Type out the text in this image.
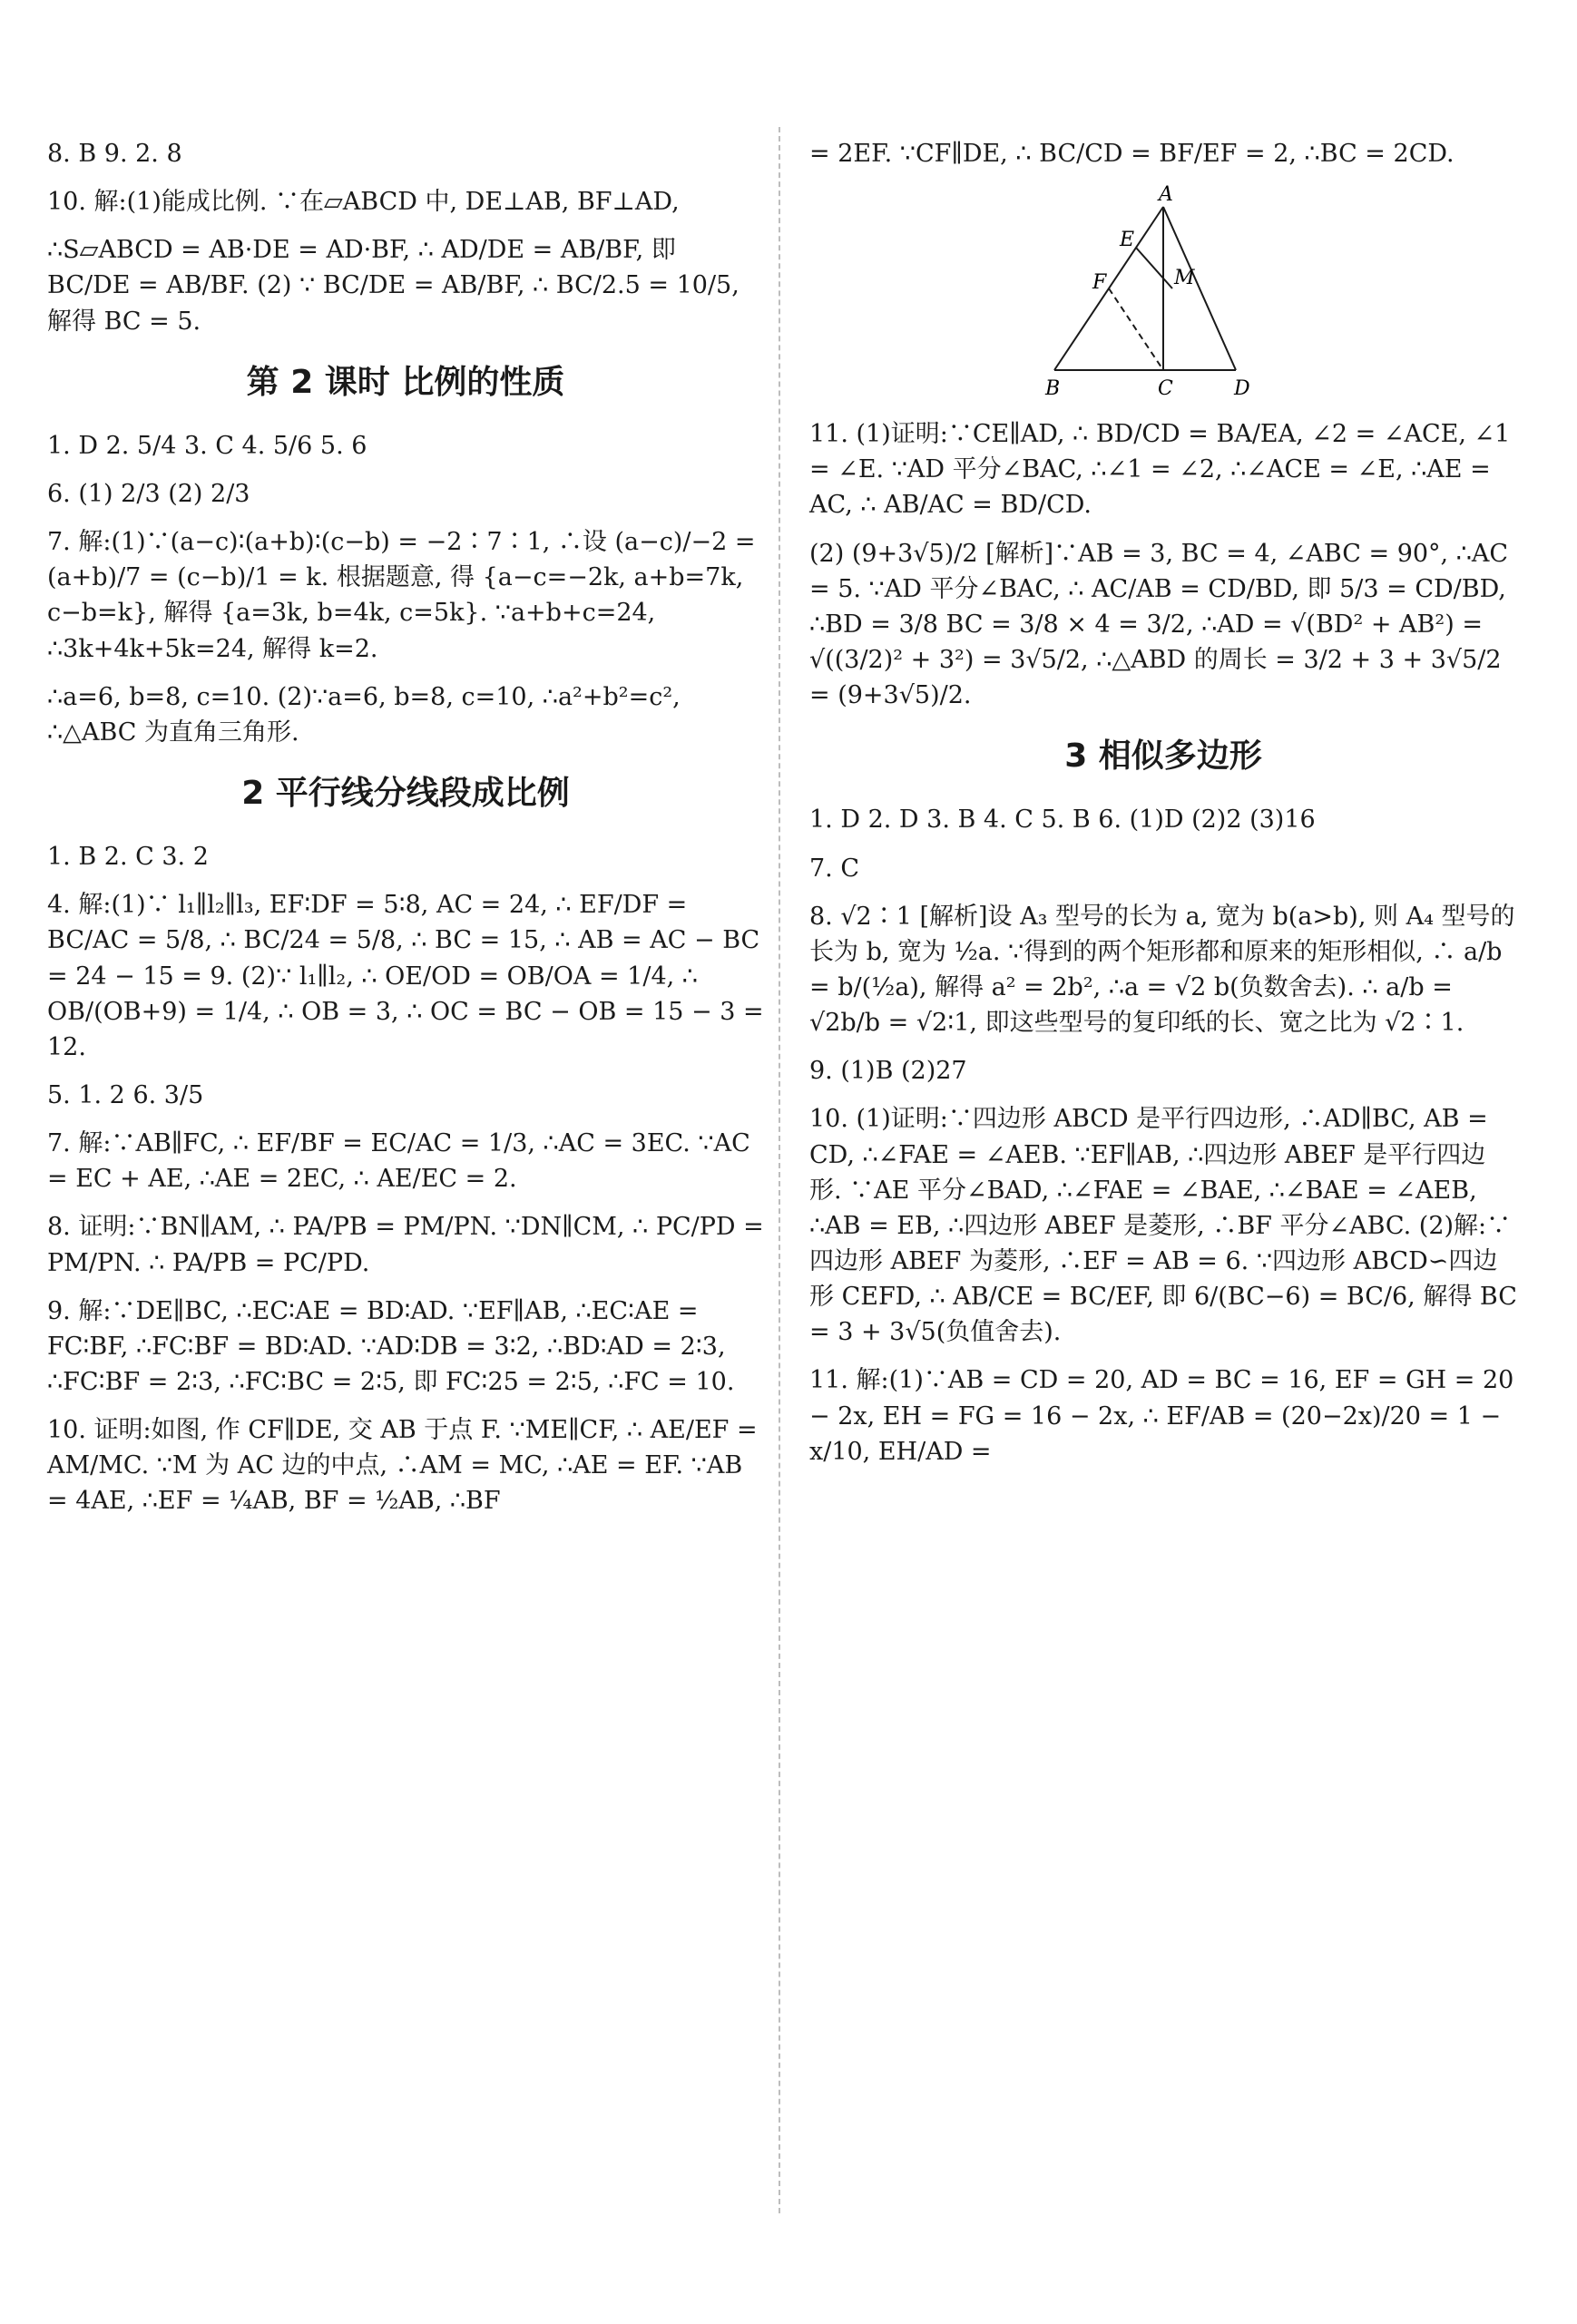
8. B 9. 2. 8

10. 解:(1)能成比例. ∵在▱ABCD 中, DE⊥AB, BF⊥AD,

∴S▱ABCD = AB·DE = AD·BF, ∴ AD/DE = AB/BF, 即 BC/DE = AB/BF. (2) ∵ BC/DE = AB/BF, ∴ BC/2.5 = 10/5, 解得 BC = 5.

第 2 课时 比例的性质

1. D 2. 5/4 3. C 4. 5/6 5. 6

6. (1) 2/3 (2) 2/3

7. 解:(1)∵(a−c)∶(a+b)∶(c−b) = −2∶7∶1, ∴设 (a−c)/−2 = (a+b)/7 = (c−b)/1 = k. 根据题意, 得 {a−c=−2k, a+b=7k, c−b=k}, 解得 {a=3k, b=4k, c=5k}. ∵a+b+c=24, ∴3k+4k+5k=24, 解得 k=2.

∴a=6, b=8, c=10. (2)∵a=6, b=8, c=10, ∴a²+b²=c², ∴△ABC 为直角三角形.

2 平行线分线段成比例

1. B 2. C 3. 2

4. 解:(1)∵ l₁∥l₂∥l₃, EF∶DF = 5∶8, AC = 24, ∴ EF/DF = BC/AC = 5/8, ∴ BC/24 = 5/8, ∴ BC = 15, ∴ AB = AC − BC = 24 − 15 = 9. (2)∵ l₁∥l₂, ∴ OE/OD = OB/OA = 1/4, ∴ OB/(OB+9) = 1/4, ∴ OB = 3, ∴ OC = BC − OB = 15 − 3 = 12.

5. 1. 2 6. 3/5

7. 解:∵AB∥FC, ∴ EF/BF = EC/AC = 1/3, ∴AC = 3EC. ∵AC = EC + AE, ∴AE = 2EC, ∴ AE/EC = 2.

8. 证明:∵BN∥AM, ∴ PA/PB = PM/PN. ∵DN∥CM, ∴ PC/PD = PM/PN. ∴ PA/PB = PC/PD.

9. 解:∵DE∥BC, ∴EC∶AE = BD∶AD. ∵EF∥AB, ∴EC∶AE = FC∶BF, ∴FC∶BF = BD∶AD. ∵AD∶DB = 3∶2, ∴BD∶AD = 2∶3, ∴FC∶BF = 2∶3, ∴FC∶BC = 2∶5, 即 FC∶25 = 2∶5, ∴FC = 10.

10. 证明:如图, 作 CF∥DE, 交 AB 于点 F. ∵ME∥CF, ∴ AE/EF = AM/MC. ∵M 为 AC 边的中点, ∴AM = MC, ∴AE = EF. ∵AB = 4AE, ∴EF = ¼AB, BF = ½AB, ∴BF

= 2EF. ∵CF∥DE, ∴ BC/CD = BF/EF = 2, ∴BC = 2CD.

A
E
M
F
B	C	D

11. (1)证明:∵CE∥AD, ∴ BD/CD = BA/EA, ∠2 = ∠ACE, ∠1 = ∠E. ∵AD 平分∠BAC, ∴∠1 = ∠2, ∴∠ACE = ∠E, ∴AE = AC, ∴ AB/AC = BD/CD.

(2) (9+3√5)/2 [解析]∵AB = 3, BC = 4, ∠ABC = 90°, ∴AC = 5. ∵AD 平分∠BAC, ∴ AC/AB = CD/BD, 即 5/3 = CD/BD, ∴BD = 3/8 BC = 3/8 × 4 = 3/2, ∴AD = √(BD² + AB²) = √((3/2)² + 3²) = 3√5/2, ∴△ABD 的周长 = 3/2 + 3 + 3√5/2 = (9+3√5)/2.

3 相似多边形

1. D 2. D 3. B 4. C 5. B 6. (1)D (2)2 (3)16

7. C

8. √2∶1 [解析]设 A₃ 型号的长为 a, 宽为 b(a>b), 则 A₄ 型号的长为 b, 宽为 ½a. ∵得到的两个矩形都和原来的矩形相似, ∴ a/b = b/(½a), 解得 a² = 2b², ∴a = √2 b(负数舍去). ∴ a/b = √2b/b = √2∶1, 即这些型号的复印纸的长、宽之比为 √2∶1.

9. (1)B (2)27

10. (1)证明:∵四边形 ABCD 是平行四边形, ∴AD∥BC, AB = CD, ∴∠FAE = ∠AEB. ∵EF∥AB, ∴四边形 ABEF 是平行四边形. ∵AE 平分∠BAD, ∴∠FAE = ∠BAE, ∴∠BAE = ∠AEB, ∴AB = EB, ∴四边形 ABEF 是菱形, ∴BF 平分∠ABC. (2)解:∵四边形 ABEF 为菱形, ∴EF = AB = 6. ∵四边形 ABCD∽四边形 CEFD, ∴ AB/CE = BC/EF, 即 6/(BC−6) = BC/6, 解得 BC = 3 + 3√5(负值舍去).

11. 解:(1)∵AB = CD = 20, AD = BC = 16, EF = GH = 20 − 2x, EH = FG = 16 − 2x, ∴ EF/AB = (20−2x)/20 = 1 − x/10, EH/AD =
